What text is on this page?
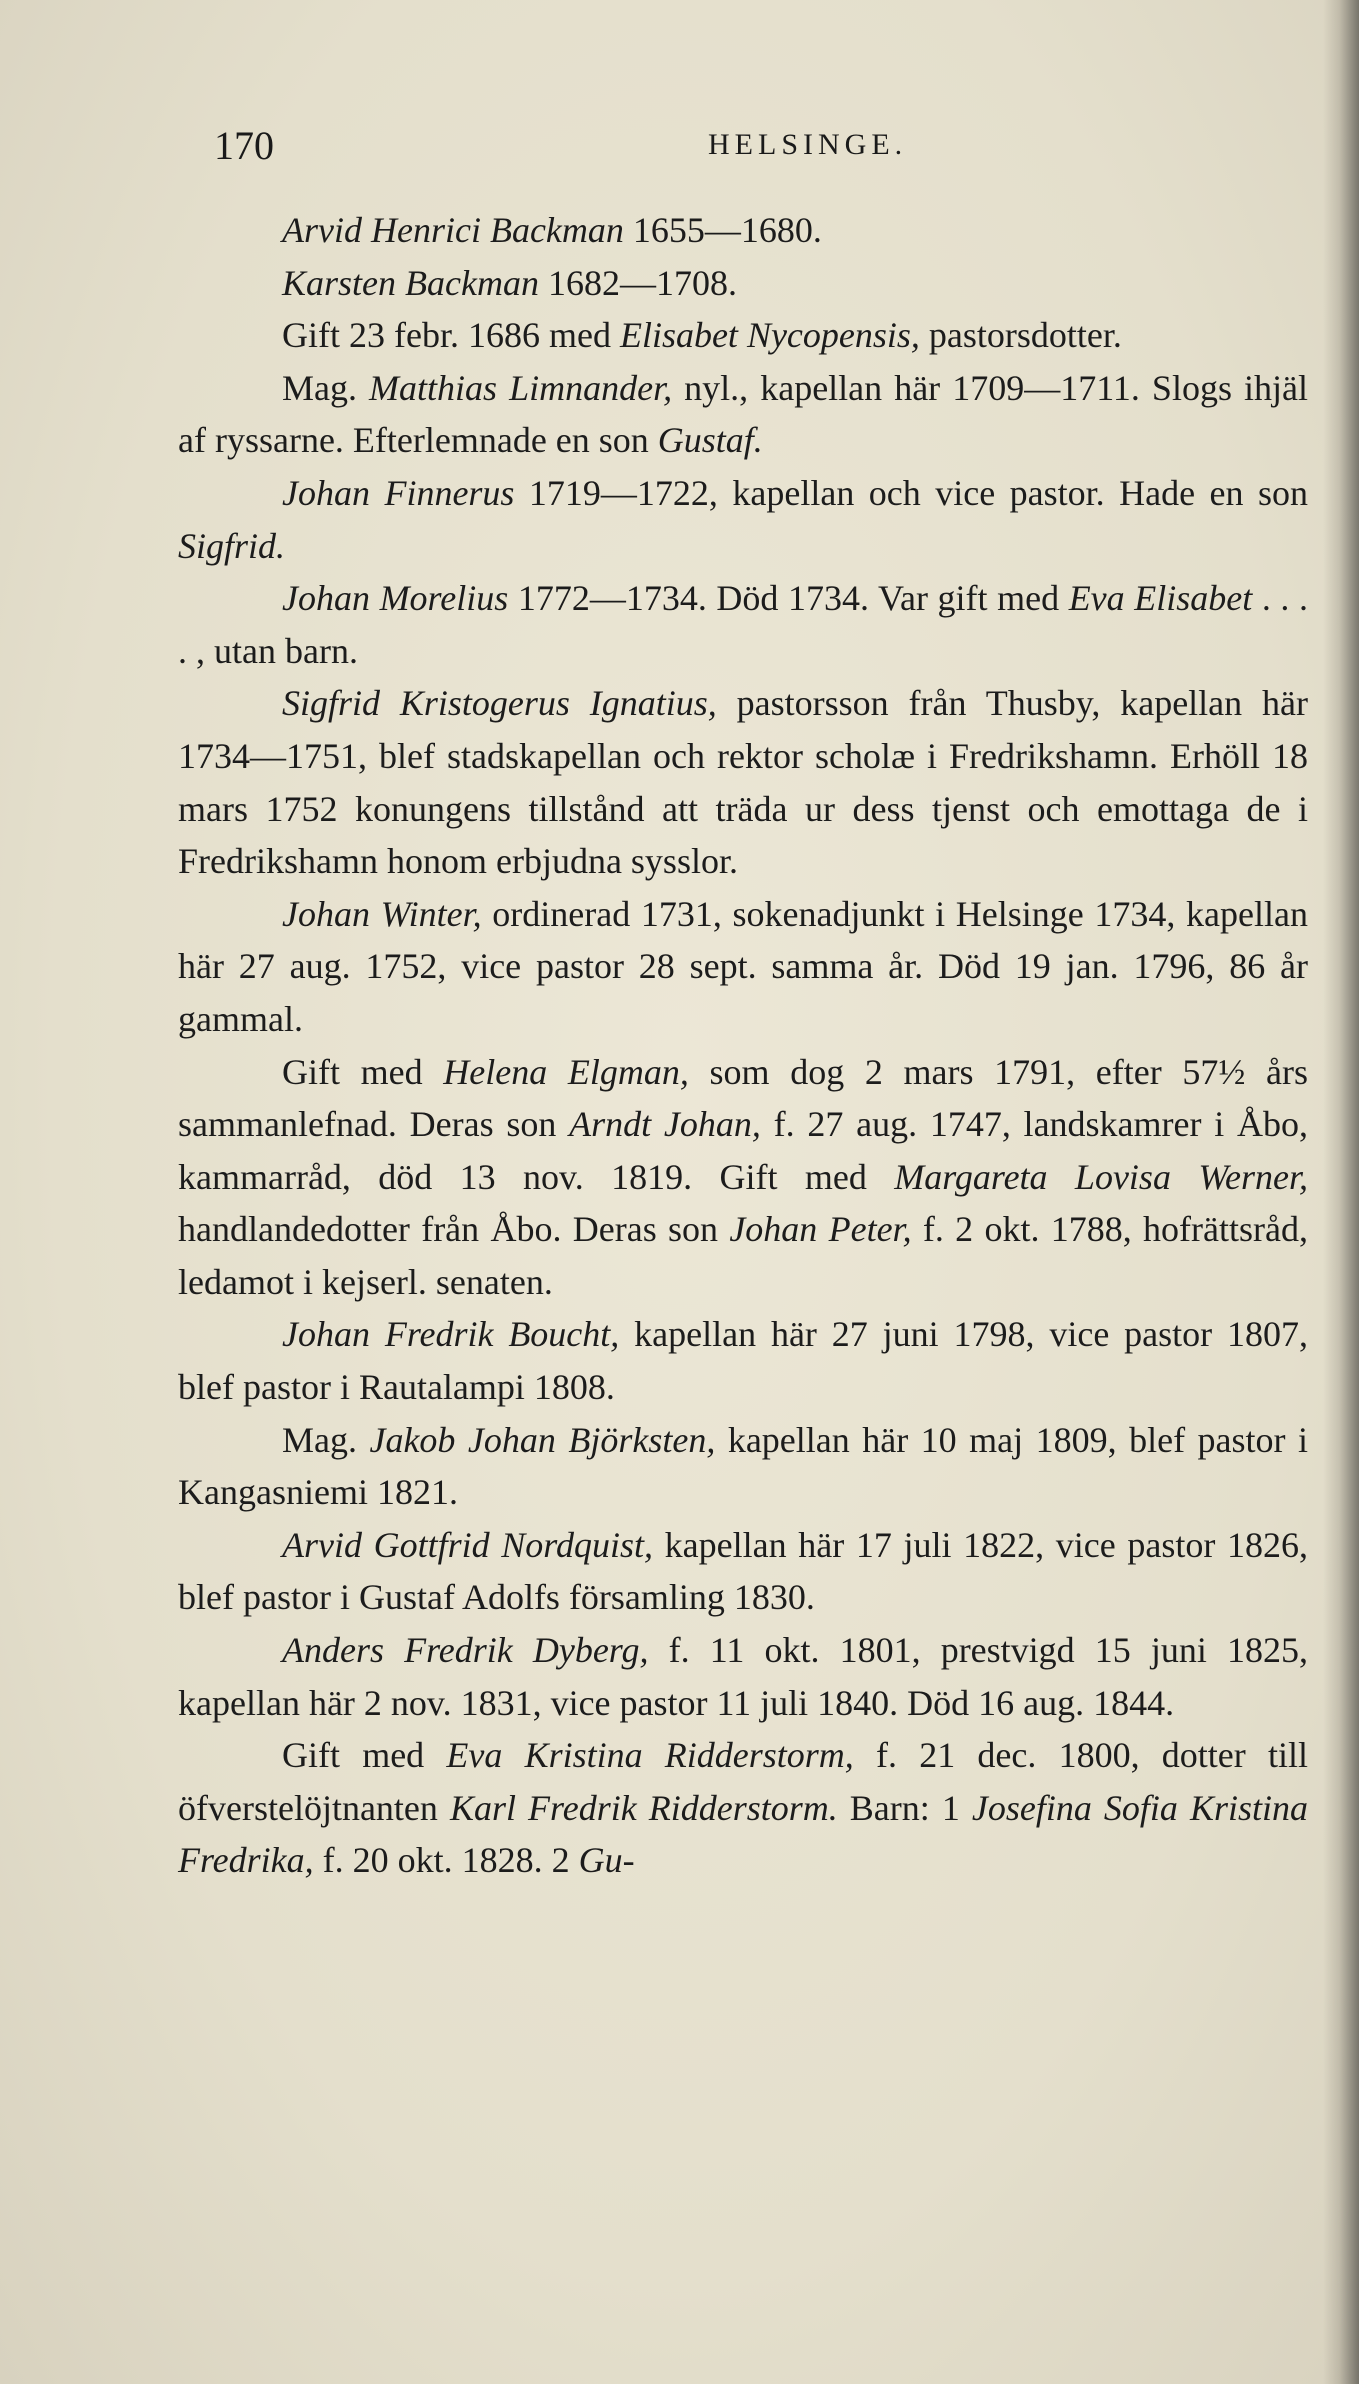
170	HELSINGE.

Arvid Henrici Backman 1655—1680.

Karsten Backman 1682—1708.

Gift 23 febr. 1686 med Elisabet Nycopensis, pastorsdotter.

Mag. Matthias Limnander, nyl., kapellan här 1709—1711. Slogs ihjäl af ryssarne. Efterlemnade en son Gustaf.

Johan Finnerus 1719—1722, kapellan och vice pastor. Hade en son Sigfrid.

Johan Morelius 1772—1734. Död 1734. Var gift med Eva Elisabet . . . . , utan barn.

Sigfrid Kristogerus Ignatius, pastorsson från Thusby, kapellan här 1734—1751, blef stadskapellan och rektor scholæ i Fredrikshamn. Erhöll 18 mars 1752 konungens tillstånd att träda ur dess tjenst och emottaga de i Fredrikshamn honom erbjudna sysslor.

Johan Winter, ordinerad 1731, sokenadjunkt i Helsinge 1734, kapellan här 27 aug. 1752, vice pastor 28 sept. samma år. Död 19 jan. 1796, 86 år gammal.

Gift med Helena Elgman, som dog 2 mars 1791, efter 57½ års sammanlefnad. Deras son Arndt Johan, f. 27 aug. 1747, landskamrer i Åbo, kammarråd, död 13 nov. 1819. Gift med Margareta Lovisa Werner, handlandedotter från Åbo. Deras son Johan Peter, f. 2 okt. 1788, hofrättsråd, ledamot i kejserl. senaten.

Johan Fredrik Boucht, kapellan här 27 juni 1798, vice pastor 1807, blef pastor i Rautalampi 1808.

Mag. Jakob Johan Björksten, kapellan här 10 maj 1809, blef pastor i Kangasniemi 1821.

Arvid Gottfrid Nordquist, kapellan här 17 juli 1822, vice pastor 1826, blef pastor i Gustaf Adolfs församling 1830.

Anders Fredrik Dyberg, f. 11 okt. 1801, prestvigd 15 juni 1825, kapellan här 2 nov. 1831, vice pastor 11 juli 1840. Död 16 aug. 1844.

Gift med Eva Kristina Ridderstorm, f. 21 dec. 1800, dotter till öfverstelöjtnanten Karl Fredrik Ridderstorm. Barn: 1 Josefina Sofia Kristina Fredrika, f. 20 okt. 1828. 2 Gu-
